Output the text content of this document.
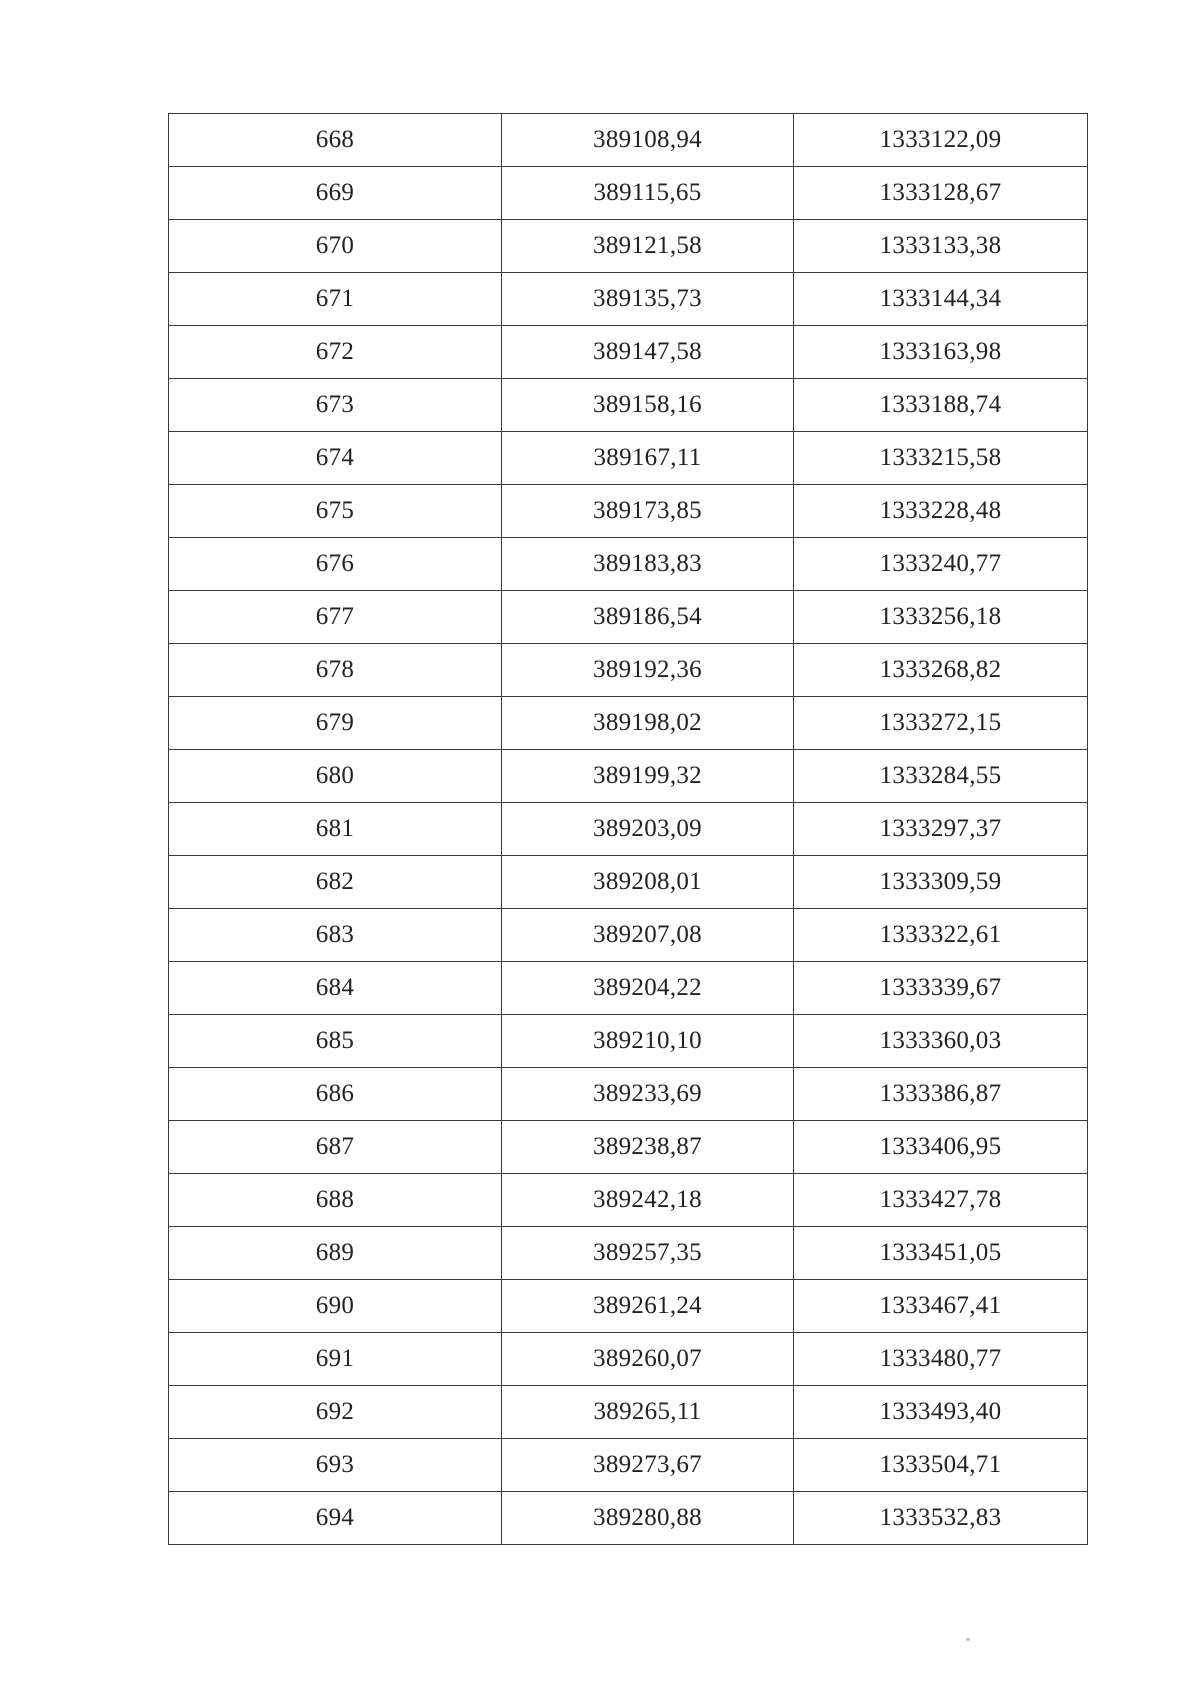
668	389108,94	1333122,09
669	389115,65	1333128,67
670	389121,58	1333133,38
671	389135,73	1333144,34
672	389147,58	1333163,98
673	389158,16	1333188,74
674	389167,11	1333215,58
675	389173,85	1333228,48
676	389183,83	1333240,77
677	389186,54	1333256,18
678	389192,36	1333268,82
679	389198,02	1333272,15
680	389199,32	1333284,55
681	389203,09	1333297,37
682	389208,01	1333309,59
683	389207,08	1333322,61
684	389204,22	1333339,67
685	389210,10	1333360,03
686	389233,69	1333386,87
687	389238,87	1333406,95
688	389242,18	1333427,78
689	389257,35	1333451,05
690	389261,24	1333467,41
691	389260,07	1333480,77
692	389265,11	1333493,40
693	389273,67	1333504,71
694	389280,88	1333532,83
